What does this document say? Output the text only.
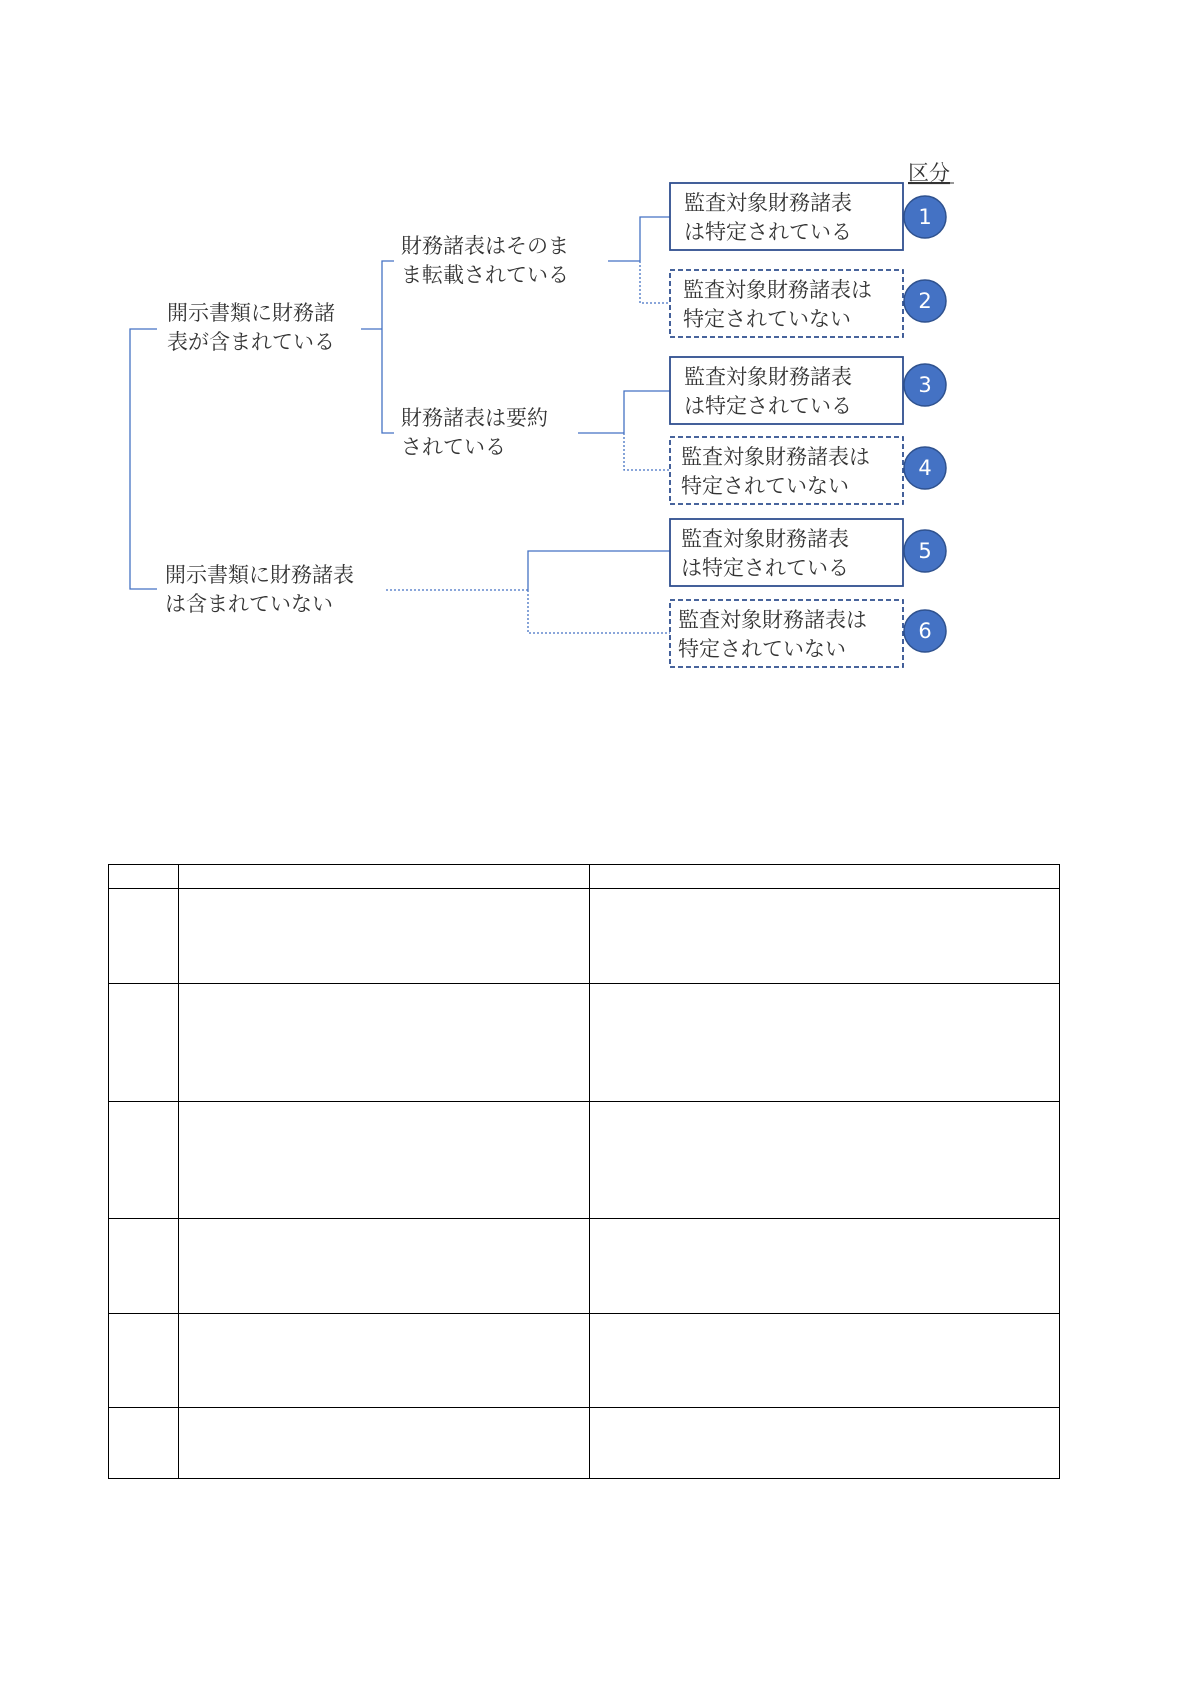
区分
開示書類に財務諸
表が含まれている
開示書類に財務諸表
は含まれていない
財務諸表はそのま
ま転載されている
財務諸表は要約
されている
監査対象財務諸表
は特定されている
1
監査対象財務諸表は
特定されていない
2
監査対象財務諸表
は特定されている
3
監査対象財務諸表は
特定されていない
4
監査対象財務諸表
は特定されている
5
監査対象財務諸表は
特定されていない
6
